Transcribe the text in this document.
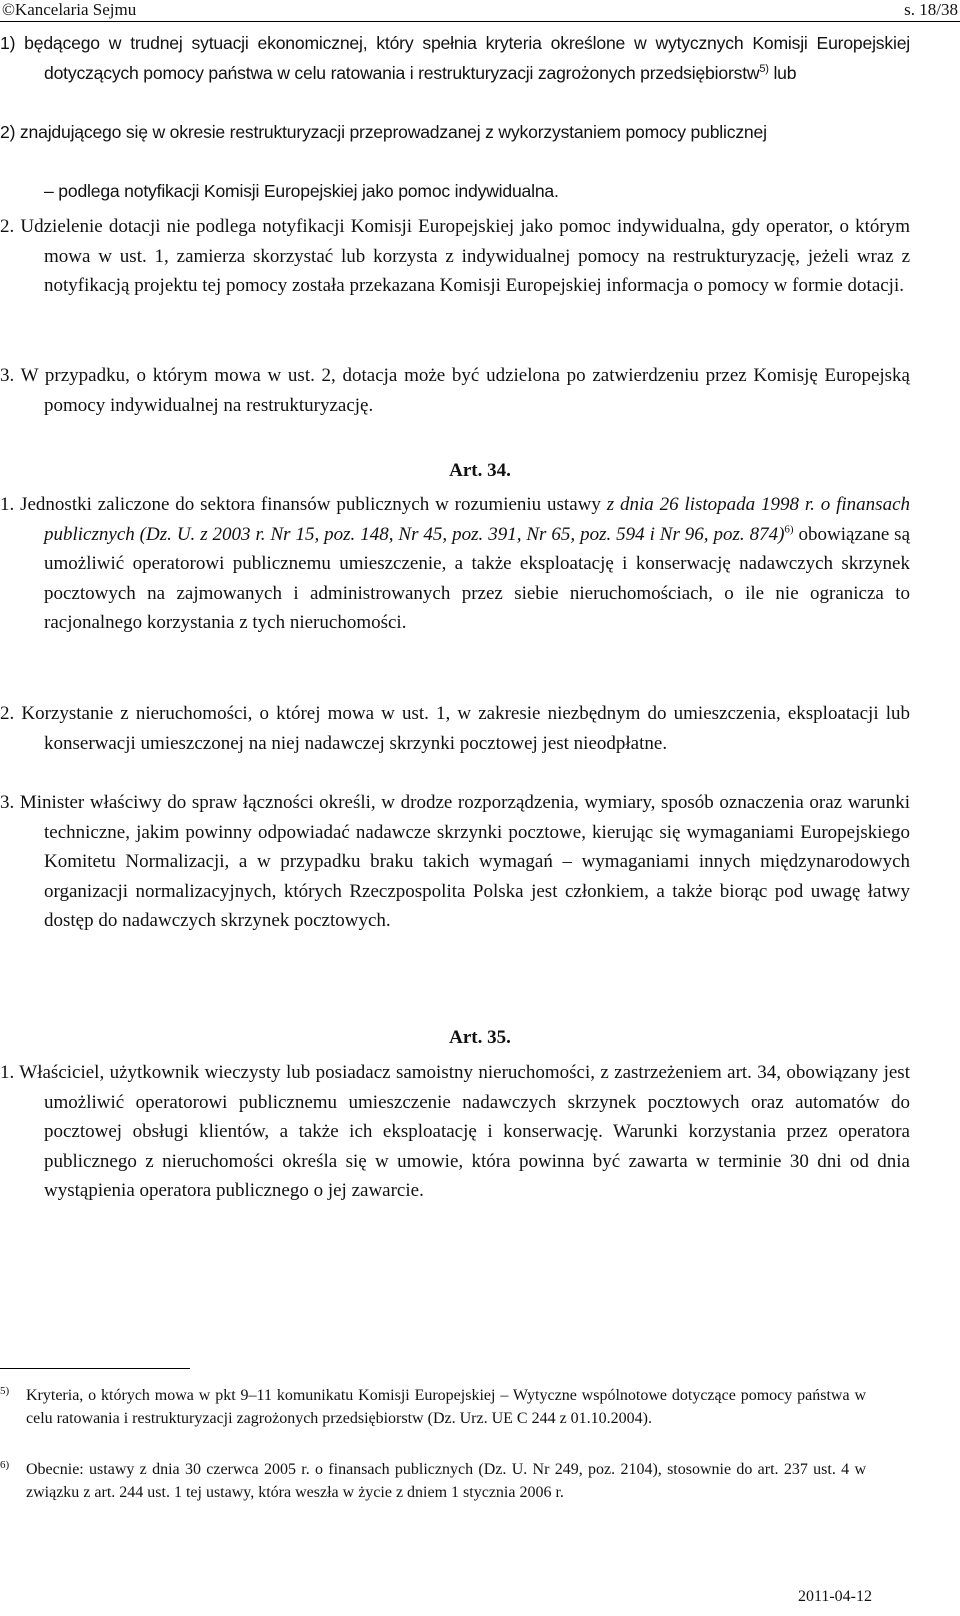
©Kancelaria Sejmu	s. 18/38
1) będącego w trudnej sytuacji ekonomicznej, który spełnia kryteria określone w wytycznych Komisji Europejskiej dotyczących pomocy państwa w celu ratowania i restrukturyzacji zagrożonych przedsiębiorstw$^{5)}$ lub
2) znajdującego się w okresie restrukturyzacji przeprowadzanej z wykorzystaniem pomocy publicznej
– podlega notyfikacji Komisji Europejskiej jako pomoc indywidualna.
2. Udzielenie dotacji nie podlega notyfikacji Komisji Europejskiej jako pomoc indywidualna, gdy operator, o którym mowa w ust. 1, zamierza skorzystać lub korzysta z indywidualnej pomocy na restrukturyzację, jeżeli wraz z notyfikacją projektu tej pomocy została przekazana Komisji Europejskiej informacja o pomocy w formie dotacji.
3. W przypadku, o którym mowa w ust. 2, dotacja może być udzielona po zatwierdzeniu przez Komisję Europejską pomocy indywidualnej na restrukturyzację.
Art. 34.
1. Jednostki zaliczone do sektora finansów publicznych w rozumieniu ustawy z dnia 26 listopada 1998 r. o finansach publicznych (Dz. U. z 2003 r. Nr 15, poz. 148, Nr 45, poz. 391, Nr 65, poz. 594 i Nr 96, poz. 874)$^{6)}$ obowiązane są umożliwić operatorowi publicznemu umieszczenie, a także eksploatację i konserwację nadawczych skrzynek pocztowych na zajmowanych i administrowanych przez siebie nieruchomościach, o ile nie ogranicza to racjonalnego korzystania z tych nieruchomości.
2. Korzystanie z nieruchomości, o której mowa w ust. 1, w zakresie niezbędnym do umieszczenia, eksploatacji lub konserwacji umieszczonej na niej nadawczej skrzynki pocztowej jest nieodpłatne.
3. Minister właściwy do spraw łączności określi, w drodze rozporządzenia, wymiary, sposób oznaczenia oraz warunki techniczne, jakim powinny odpowiadać nadawcze skrzynki pocztowe, kierując się wymaganiami Europejskiego Komitetu Normalizacji, a w przypadku braku takich wymagań – wymaganiami innych międzynarodowych organizacji normalizacyjnych, których Rzeczpospolita Polska jest członkiem, a także biorąc pod uwagę łatwy dostęp do nadawczych skrzynek pocztowych.
Art. 35.
1. Właściciel, użytkownik wieczysty lub posiadacz samoistny nieruchomości, z zastrzeżeniem art. 34, obowiązany jest umożliwić operatorowi publicznemu umieszczenie nadawczych skrzynek pocztowych oraz automatów do pocztowej obsługi klientów, a także ich eksploatację i konserwację. Warunki korzystania przez operatora publicznego z nieruchomości określa się w umowie, która powinna być zawarta w terminie 30 dni od dnia wystąpienia operatora publicznego o jej zawarcie.
5)	Kryteria, o których mowa w pkt 9–11 komunikatu Komisji Europejskiej – Wytyczne wspólnotowe dotyczące pomocy państwa w celu ratowania i restrukturyzacji zagrożonych przedsiębiorstw (Dz. Urz. UE C 244 z 01.10.2004).
6)	Obecnie: ustawy z dnia 30 czerwca 2005 r. o finansach publicznych (Dz. U. Nr 249, poz. 2104), stosownie do art. 237 ust. 4 w związku z art. 244 ust. 1 tej ustawy, która weszła w życie z dniem 1 stycznia 2006 r.
2011-04-12
